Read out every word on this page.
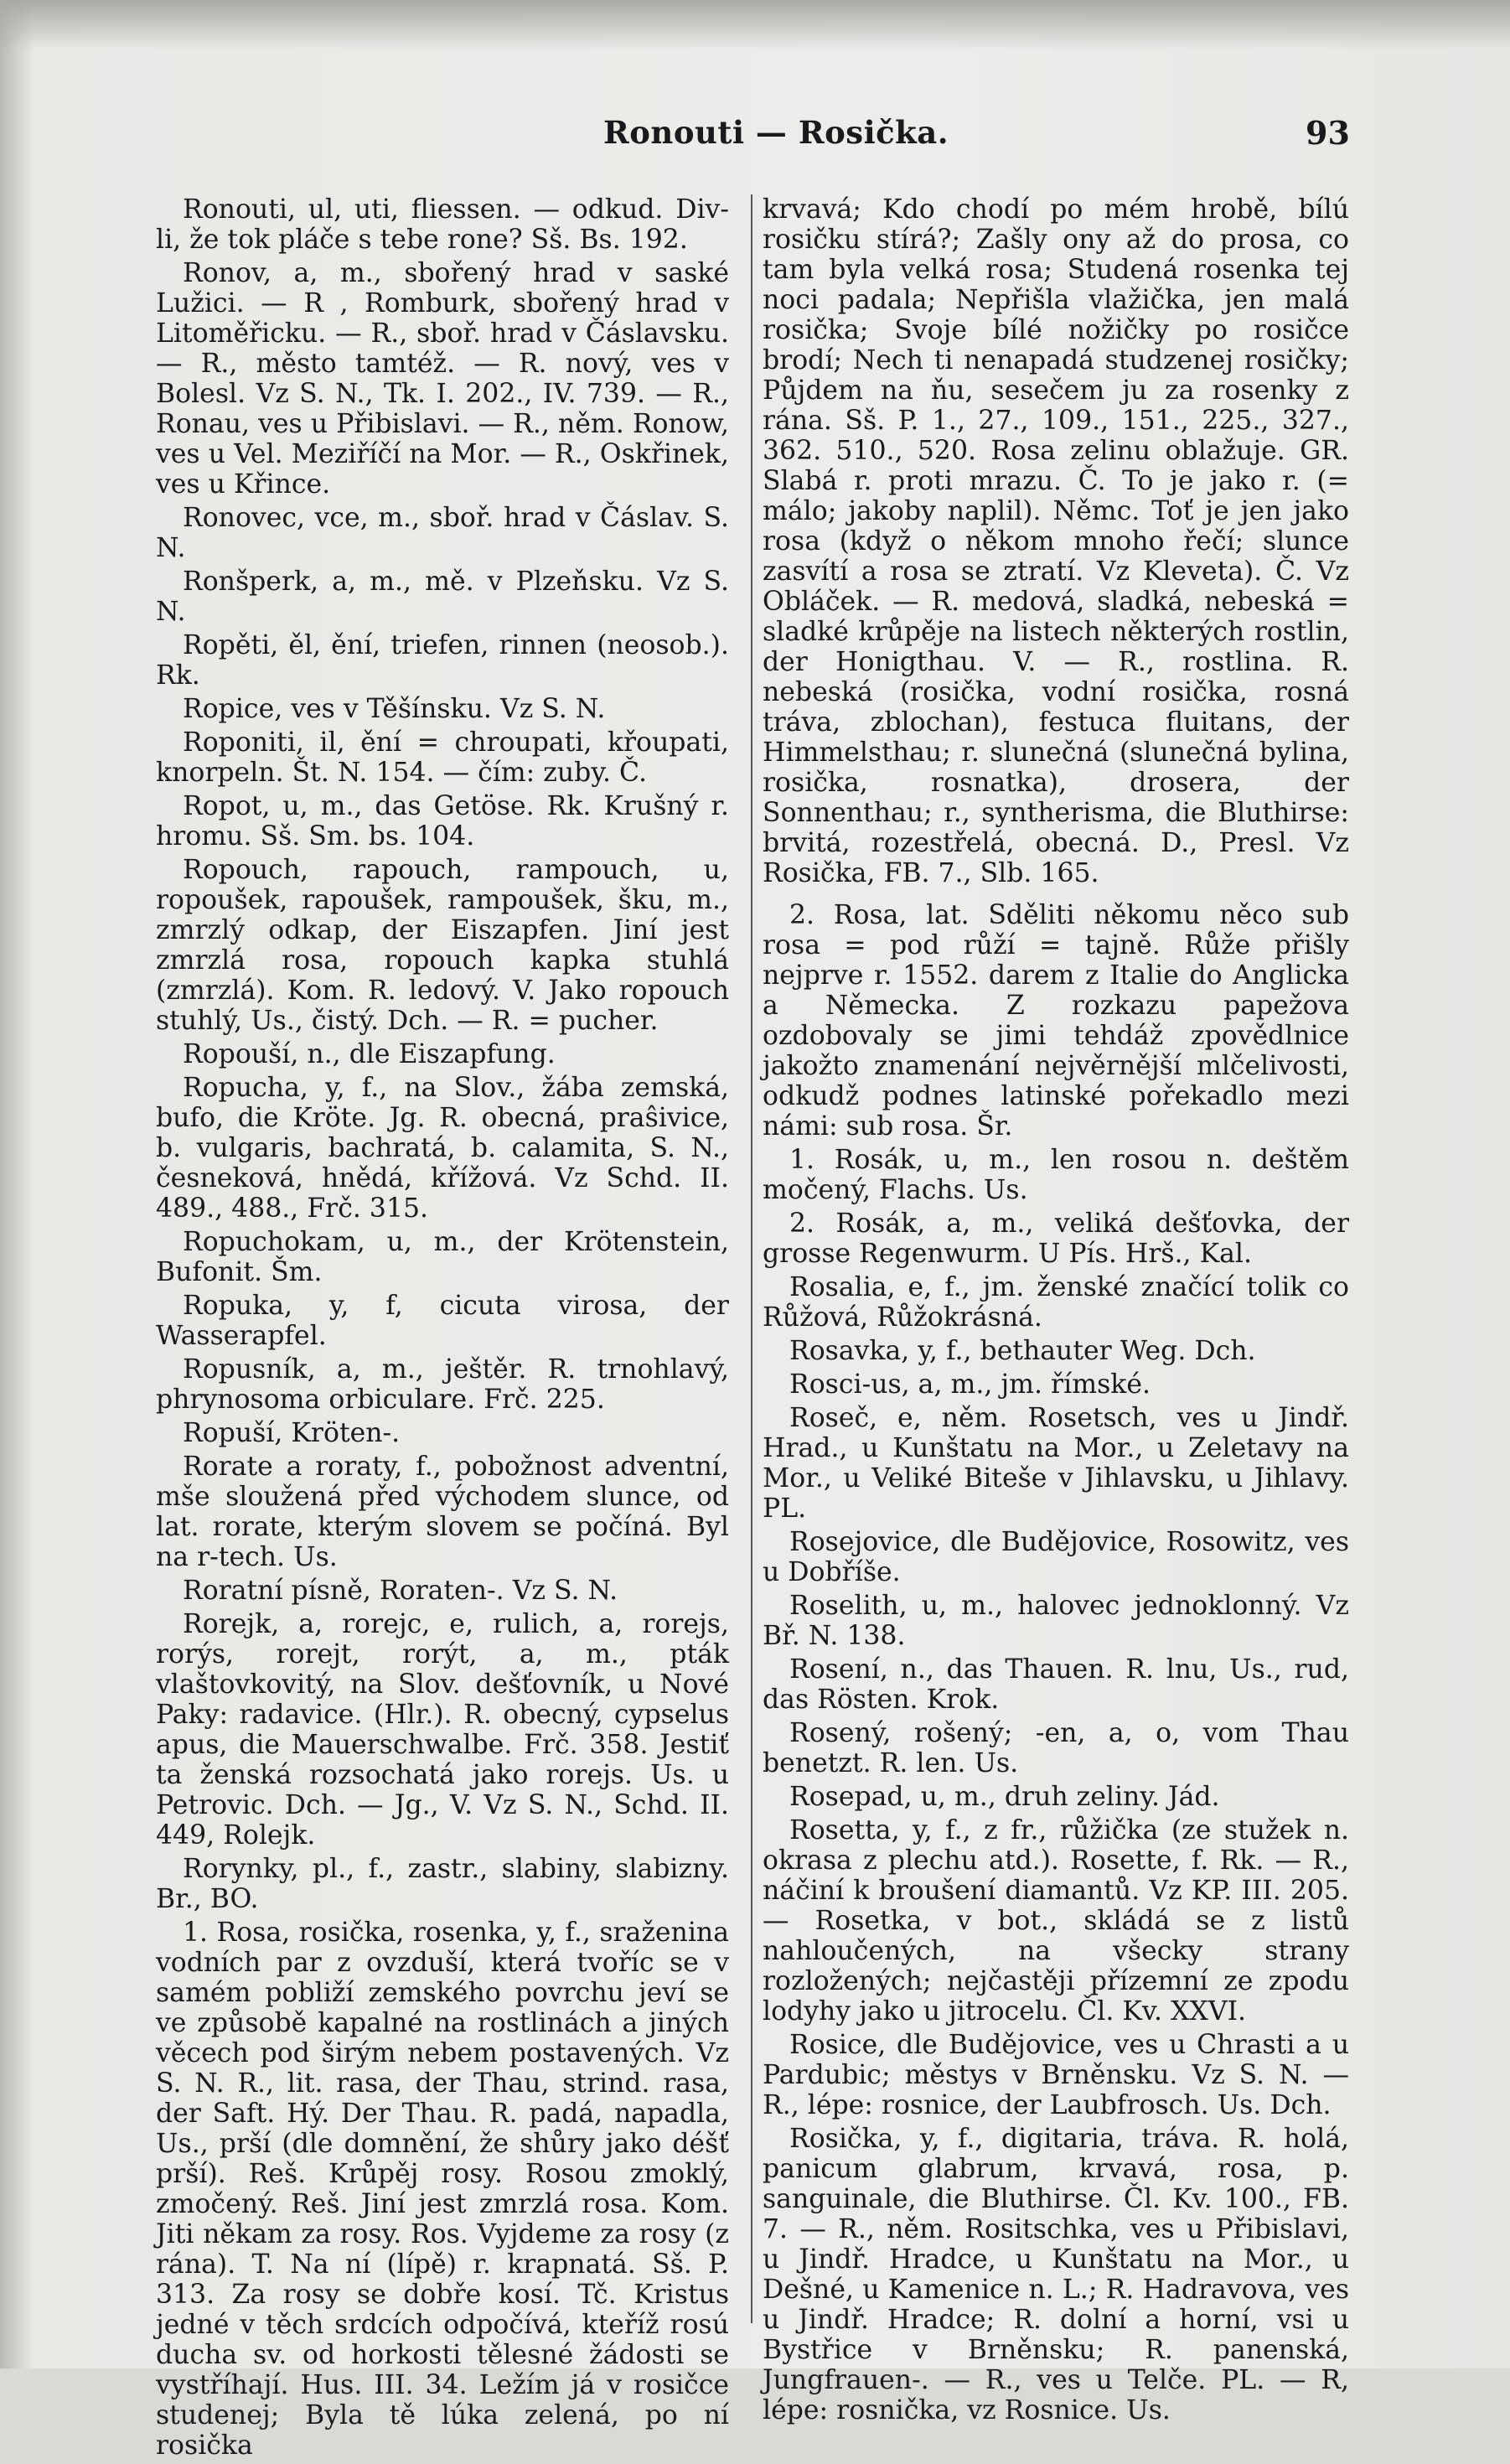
Ronouti — Rosička.	93

Ronouti, ul, uti, fliessen. — odkud. Div-li, že tok pláče s tebe rone? Sš. Bs. 192.

Ronov, a, m., sbořený hrad v saské Lužici. — R , Romburk, sbořený hrad v Litoměřicku. — R., sboř. hrad v Čáslavsku. — R., město tamtéž. — R. nový, ves v Bolesl. Vz S. N., Tk. I. 202., IV. 739. — R., Ronau, ves u Přibislavi. — R., něm. Ronow, ves u Vel. Meziříčí na Mor. — R., Oskřinek, ves u Křince.

Ronovec, vce, m., sboř. hrad v Čáslav. S. N.

Ronšperk, a, m., mě. v Plzeňsku. Vz S. N.

Ropěti, ěl, ění, triefen, rinnen (neosob.). Rk.

Ropice, ves v Těšínsku. Vz S. N.

Roponiti, il, ění = chroupati, křoupati, knorpeln. Št. N. 154. — čím: zuby. Č.

Ropot, u, m., das Getöse. Rk. Krušný r. hromu. Sš. Sm. bs. 104.

Ropouch, rapouch, rampouch, u, ropoušek, rapoušek, rampoušek, šku, m., zmrzlý odkap, der Eiszapfen. Jiní jest zmrzlá rosa, ropouch kapka stuhlá (zmrzlá). Kom. R. ledový. V. Jako ropouch stuhlý, Us., čistý. Dch. — R. = pucher.

Ropouší, n., dle Eiszapfung.

Ropucha, y, f., na Slov., žába zemská, bufo, die Kröte. Jg. R. obecná, praŝivice, b. vulgaris, bachratá, b. calamita, S. N., česneková, hnědá, křížová. Vz Schd. II. 489., 488., Frč. 315.

Ropuchokam, u, m., der Krötenstein, Bufonit. Šm.

Ropuka, y, f, cicuta virosa, der Wasserapfel.

Ropusník, a, m., ještěr. R. trnohlavý, phrynosoma orbiculare. Frč. 225.

Ropuší, Kröten-.

Rorate a roraty, f., pobožnost adventní, mše sloužená před východem slunce, od lat. rorate, kterým slovem se počíná. Byl na r-tech. Us.

Roratní písně, Roraten-. Vz S. N.

Rorejk, a, rorejc, e, rulich, a, rorejs, rorýs, rorejt, rorýt, a, m., pták vlaštovkovitý, na Slov. dešťovník, u Nové Paky: radavice. (Hlr.). R. obecný, cypselus apus, die Mauerschwalbe. Frč. 358. Jestiť ta ženská rozsochatá jako rorejs. Us. u Petrovic. Dch. — Jg., V. Vz S. N., Schd. II. 449, Rolejk.

Rorynky, pl., f., zastr., slabiny, slabizny. Br., BO.

1. Rosa, rosička, rosenka, y, f., sraženina vodních par z ovzduší, která tvoříc se v samém pobliží zemského povrchu jeví se ve způsobě kapalné na rostlinách a jiných věcech pod širým nebem postavených. Vz S. N. R., lit. rasa, der Thau, strind. rasa, der Saft. Hý. Der Thau. R. padá, napadla, Us., prší (dle domnění, že shůry jako déšť prší). Reš. Krůpěj rosy. Rosou zmoklý, zmočený. Reš. Jiní jest zmrzlá rosa. Kom. Jiti někam za rosy. Ros. Vyjdeme za rosy (z rána). T. Na ní (lípě) r. krapnatá. Sš. P. 313. Za rosy se dobře kosí. Tč. Kristus jedné v těch srdcích odpočívá, kteříž rosú ducha sv. od horkosti tělesné žádosti se vystříhají. Hus. III. 34. Ležím já v rosičce studenej; Byla tě lúka zelená, po ní rosička

krvavá; Kdo chodí po mém hrobě, bílú rosičku stírá?; Zašly ony až do prosa, co tam byla velká rosa; Studená rosenka tej noci padala; Nepřišla vlažička, jen malá rosička; Svoje bílé nožičky po rosičce brodí; Nech ti nenapadá studzenej rosičky; Půjdem na ňu, sesečem ju za rosenky z rána. Sš. P. 1., 27., 109., 151., 225., 327., 362. 510., 520. Rosa zelinu oblažuje. GR. Slabá r. proti mrazu. Č. To je jako r. (= málo; jakoby naplil). Němc. Toť je jen jako rosa (když o někom mnoho řečí; slunce zasvítí a rosa se ztratí. Vz Kleveta). Č. Vz Obláček. — R. medová, sladká, nebeská = sladké krůpěje na listech některých rostlin, der Honigthau. V. — R., rostlina. R. nebeská (rosička, vodní rosička, rosná tráva, zblochan), festuca fluitans, der Himmelsthau; r. slunečná (slunečná bylina, rosička, rosnatka), drosera, der Sonnenthau; r., syntherisma, die Bluthirse: brvitá, rozestřelá, obecná. D., Presl. Vz Rosička, FB. 7., Slb. 165.

2. Rosa, lat. Sděliti někomu něco sub rosa = pod růží = tajně. Růže přišly nejprve r. 1552. darem z Italie do Anglicka a Německa. Z rozkazu papežova ozdobovaly se jimi tehdáž zpovědlnice jakožto znamenání nejvěrnější mlčelivosti, odkudž podnes latinské pořekadlo mezi námi: sub rosa. Šr.

1. Rosák, u, m., len rosou n. deštěm močený, Flachs. Us.

2. Rosák, a, m., veliká dešťovka, der grosse Regenwurm. U Pís. Hrš., Kal.

Rosalia, e, f., jm. ženské značící tolik co Růžová, Růžokrásná.

Rosavka, y, f., bethauter Weg. Dch.

Rosci-us, a, m., jm. římské.

Roseč, e, něm. Rosetsch, ves u Jindř. Hrad., u Kunštatu na Mor., u Zeletavy na Mor., u Veliké Biteše v Jihlavsku, u Jihlavy. PL.

Rosejovice, dle Budějovice, Rosowitz, ves u Dobříše.

Roselith, u, m., halovec jednoklonný. Vz Bř. N. 138.

Rosení, n., das Thauen. R. lnu, Us., rud, das Rösten. Krok.

Rosený, rošený; -en, a, o, vom Thau benetzt. R. len. Us.

Rosepad, u, m., druh zeliny. Jád.

Rosetta, y, f., z fr., růžička (ze stužek n. okrasa z plechu atd.). Rosette, f. Rk. — R., náčiní k broušení diamantů. Vz KP. III. 205. — Rosetka, v bot., skládá se z listů nahloučených, na všecky strany rozložených; nejčastěji přízemní ze zpodu lodyhy jako u jitrocelu. Čl. Kv. XXVI.

Rosice, dle Budějovice, ves u Chrasti a u Pardubic; městys v Brněnsku. Vz S. N. — R., lépe: rosnice, der Laubfrosch. Us. Dch.

Rosička, y, f., digitaria, tráva. R. holá, panicum glabrum, krvavá, rosa, p. sanguinale, die Bluthirse. Čl. Kv. 100., FB. 7. — R., něm. Rositschka, ves u Přibislavi, u Jindř. Hradce, u Kunštatu na Mor., u Dešné, u Kamenice n. L.; R. Hadravova, ves u Jindř. Hradce; R. dolní a horní, vsi u Bystřice v Brněnsku; R. panenská, Jungfrauen-. — R., ves u Telče. PL. — R, lépe: rosnička, vz Rosnice. Us.
